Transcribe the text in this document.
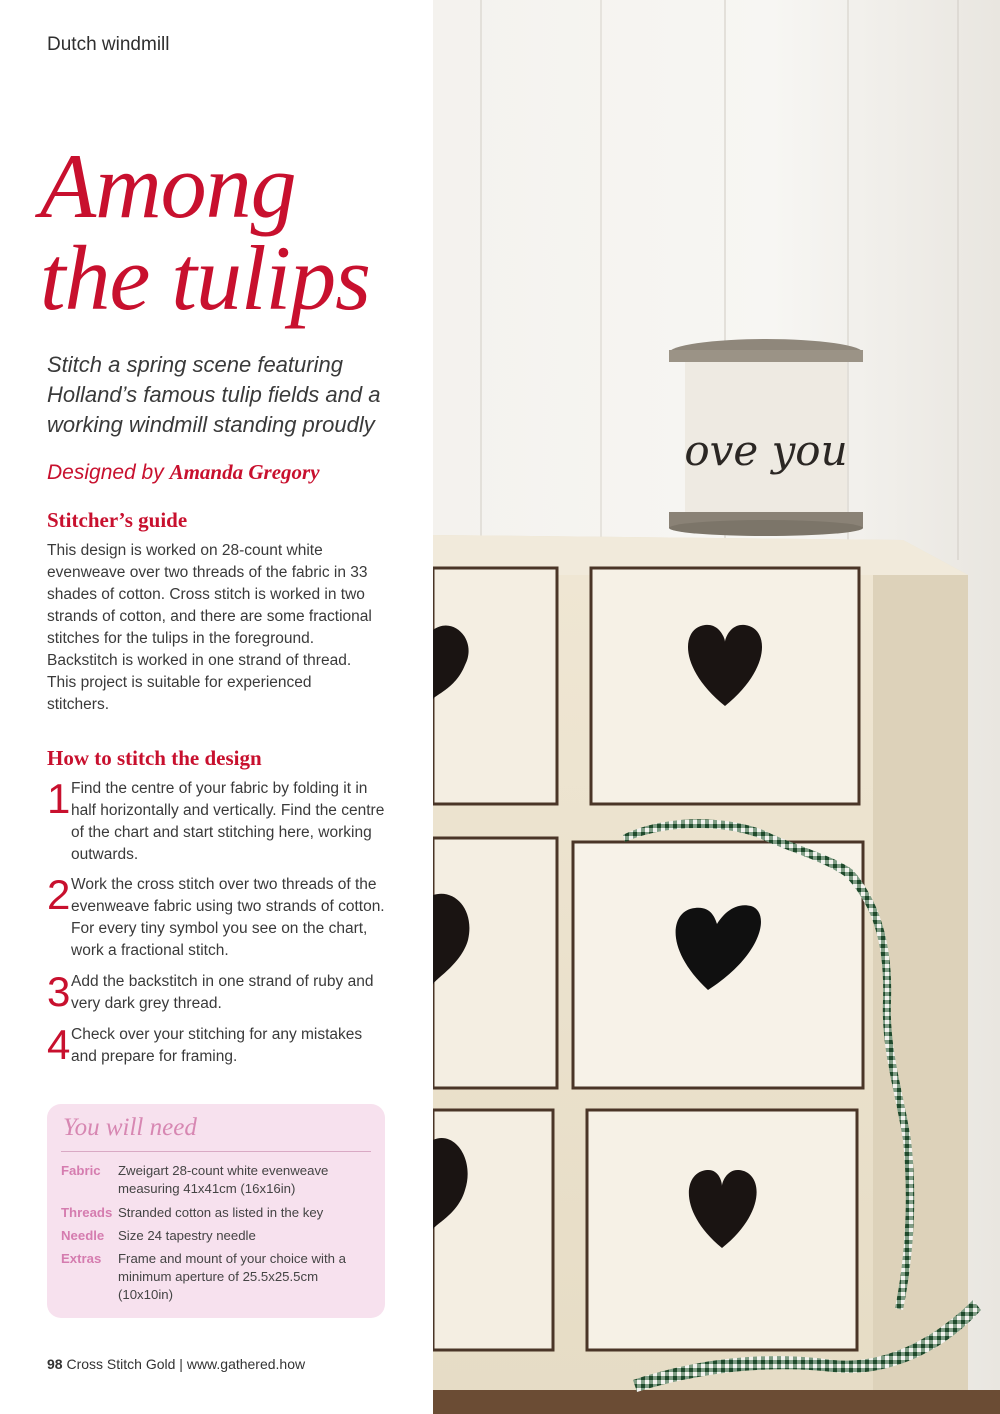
Dutch windmill
Among
the tulips

Stitch a spring scene featuring Holland’s famous tulip fields and a working windmill standing proudly

Designed by Amanda Gregory
Stitcher’s guide

This design is worked on 28-count white evenweave over two threads of the fabric in 33 shades of cotton. Cross stitch is worked in two strands of cotton, and there are some fractional stitches for the tulips in the foreground. Backstitch is worked in one strand of thread. This project is suitable for experienced stitchers.

How to stitch the design
1 Find the centre of your fabric by folding it in half horizontally and vertically. Find the centre of the chart and start stitching here, working outwards.
2 Work the cross stitch over two threads of the evenweave fabric using two strands of cotton. For every tiny symbol you see on the chart, work a fractional stitch.
3 Add the backstitch in one strand of ruby and very dark grey thread.
4 Check over your stitching for any mistakes and prepare for framing.
You will need
Fabric Zweigart 28-count white evenweave measuring 41x41cm (16x16in)
Threads Stranded cotton as listed in the key
Needle Size 24 tapestry needle
Extras Frame and mount of your choice with a minimum aperture of 25.5x25.5cm (10x10in)
98 Cross Stitch Gold | www.gathered.how
ove you
